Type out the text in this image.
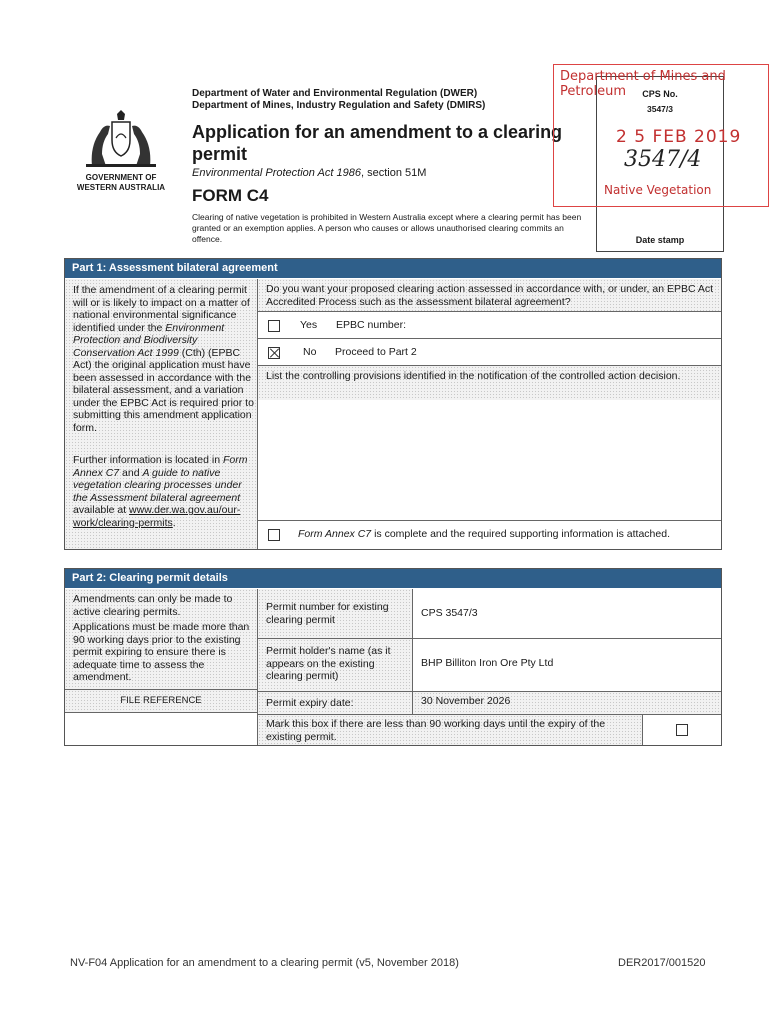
Department of Water and Environmental Regulation (DWER)
Department of Mines, Industry Regulation and Safety (DMIRS)
GOVERNMENT OF
WESTERN AUSTRALIA
Application for an amendment to a clearing
permit
Environmental Protection Act 1986, section 51M
FORM C4
Clearing of native vegetation is prohibited in Western Australia except where a clearing permit has been granted or an exemption applies. A person who causes or allows unauthorised clearing commits an offence.
CPS No.
3547/3
Date stamp
Department of Mines and Petroleum
2 5 FEB 2019
3547/4
Native Vegetation
Part 1: Assessment bilateral agreement
If the amendment of a clearing permit will or is likely to impact on a matter of national environmental significance identified under the Environment Protection and Biodiversity Conservation Act 1999 (Cth) (EPBC Act) the original application must have been assessed in accordance with the bilateral assessment, and a variation under the EPBC Act is required prior to submitting this amendment application form.
Further information is located in Form Annex C7 and A guide to native vegetation clearing processes under the Assessment bilateral agreement available at www.der.wa.gov.au/our-work/clearing-permits.
Do you want your proposed clearing action assessed in accordance with, or under, an EPBC Act Accredited Process such as the assessment bilateral agreement?
Yes EPBC number:
No Proceed to Part 2
List the controlling provisions identified in the notification of the controlled action decision.
Form Annex C7 is complete and the required supporting information is attached.
Part 2: Clearing permit details
Amendments can only be made to active clearing permits.
Applications must be made more than 90 working days prior to the existing permit expiring to ensure there is adequate time to assess the amendment.
FILE REFERENCE
Permit number for existing clearing permit
CPS 3547/3
Permit holder's name (as it appears on the existing clearing permit)
BHP Billiton Iron Ore Pty Ltd
Permit expiry date:	30 November 2026
Mark this box if there are less than 90 working days until the expiry of the existing permit.
NV-F04 Application for an amendment to a clearing permit (v5, November 2018)	DER2017/001520
